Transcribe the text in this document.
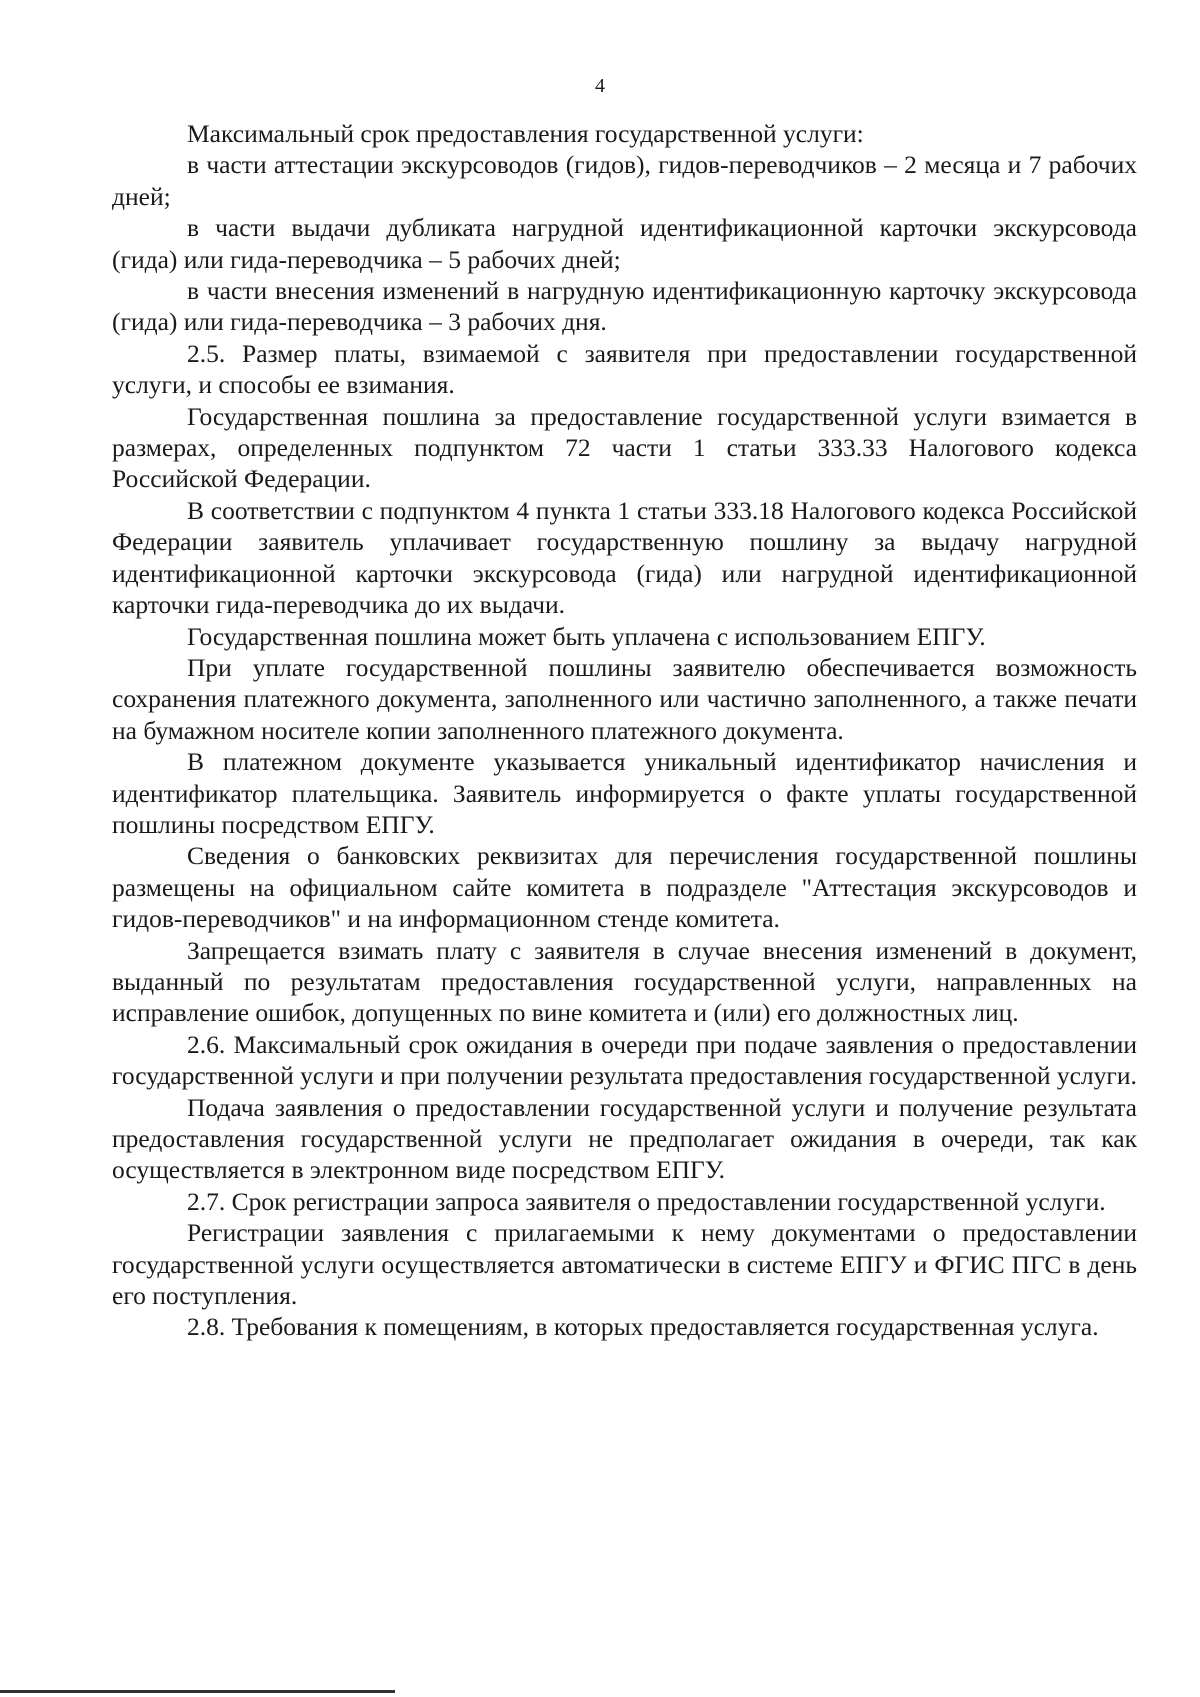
4

Максимальный срок предоставления государственной услуги:

в части аттестации экскурсоводов (гидов), гидов-переводчиков – 2 месяца и 7 рабочих дней;

в части выдачи дубликата нагрудной идентификационной карточки экскурсовода (гида) или гида-переводчика – 5 рабочих дней;

в части внесения изменений в нагрудную идентификационную карточку экскурсовода (гида) или гида-переводчика – 3 рабочих дня.

2.5. Размер платы, взимаемой с заявителя при предоставлении государственной услуги, и способы ее взимания.

Государственная пошлина за предоставление государственной услуги взимается в размерах, определенных подпунктом 72 части 1 статьи 333.33 Налогового кодекса Российской Федерации.

В соответствии с подпунктом 4 пункта 1 статьи 333.18 Налогового кодекса Российской Федерации заявитель уплачивает государственную пошлину за выдачу нагрудной идентификационной карточки экскурсовода (гида) или нагрудной идентификационной карточки гида-переводчика до их выдачи.

Государственная пошлина может быть уплачена с использованием ЕПГУ.

При уплате государственной пошлины заявителю обеспечивается возможность сохранения платежного документа, заполненного или частично заполненного, а также печати на бумажном носителе копии заполненного платежного документа.

В платежном документе указывается уникальный идентификатор начисления и идентификатор плательщика. Заявитель информируется о факте уплаты государственной пошлины посредством ЕПГУ.

Сведения о банковских реквизитах для перечисления государственной пошлины размещены на официальном сайте комитета в подразделе "Аттестация экскурсоводов и гидов-переводчиков" и на информационном стенде комитета.

Запрещается взимать плату с заявителя в случае внесения изменений в документ, выданный по результатам предоставления государственной услуги, направленных на исправление ошибок, допущенных по вине комитета и (или) его должностных лиц.

2.6. Максимальный срок ожидания в очереди при подаче заявления о предоставлении государственной услуги и при получении результата предоставления государственной услуги.

Подача заявления о предоставлении государственной услуги и получение результата предоставления государственной услуги не предполагает ожидания в очереди, так как осуществляется в электронном виде посредством ЕПГУ.

2.7. Срок регистрации запроса заявителя о предоставлении государственной услуги.

Регистрации заявления с прилагаемыми к нему документами о предоставлении государственной услуги осуществляется автоматически в системе ЕПГУ и ФГИС ПГС в день его поступления.

2.8. Требования к помещениям, в которых предоставляется государственная услуга.
